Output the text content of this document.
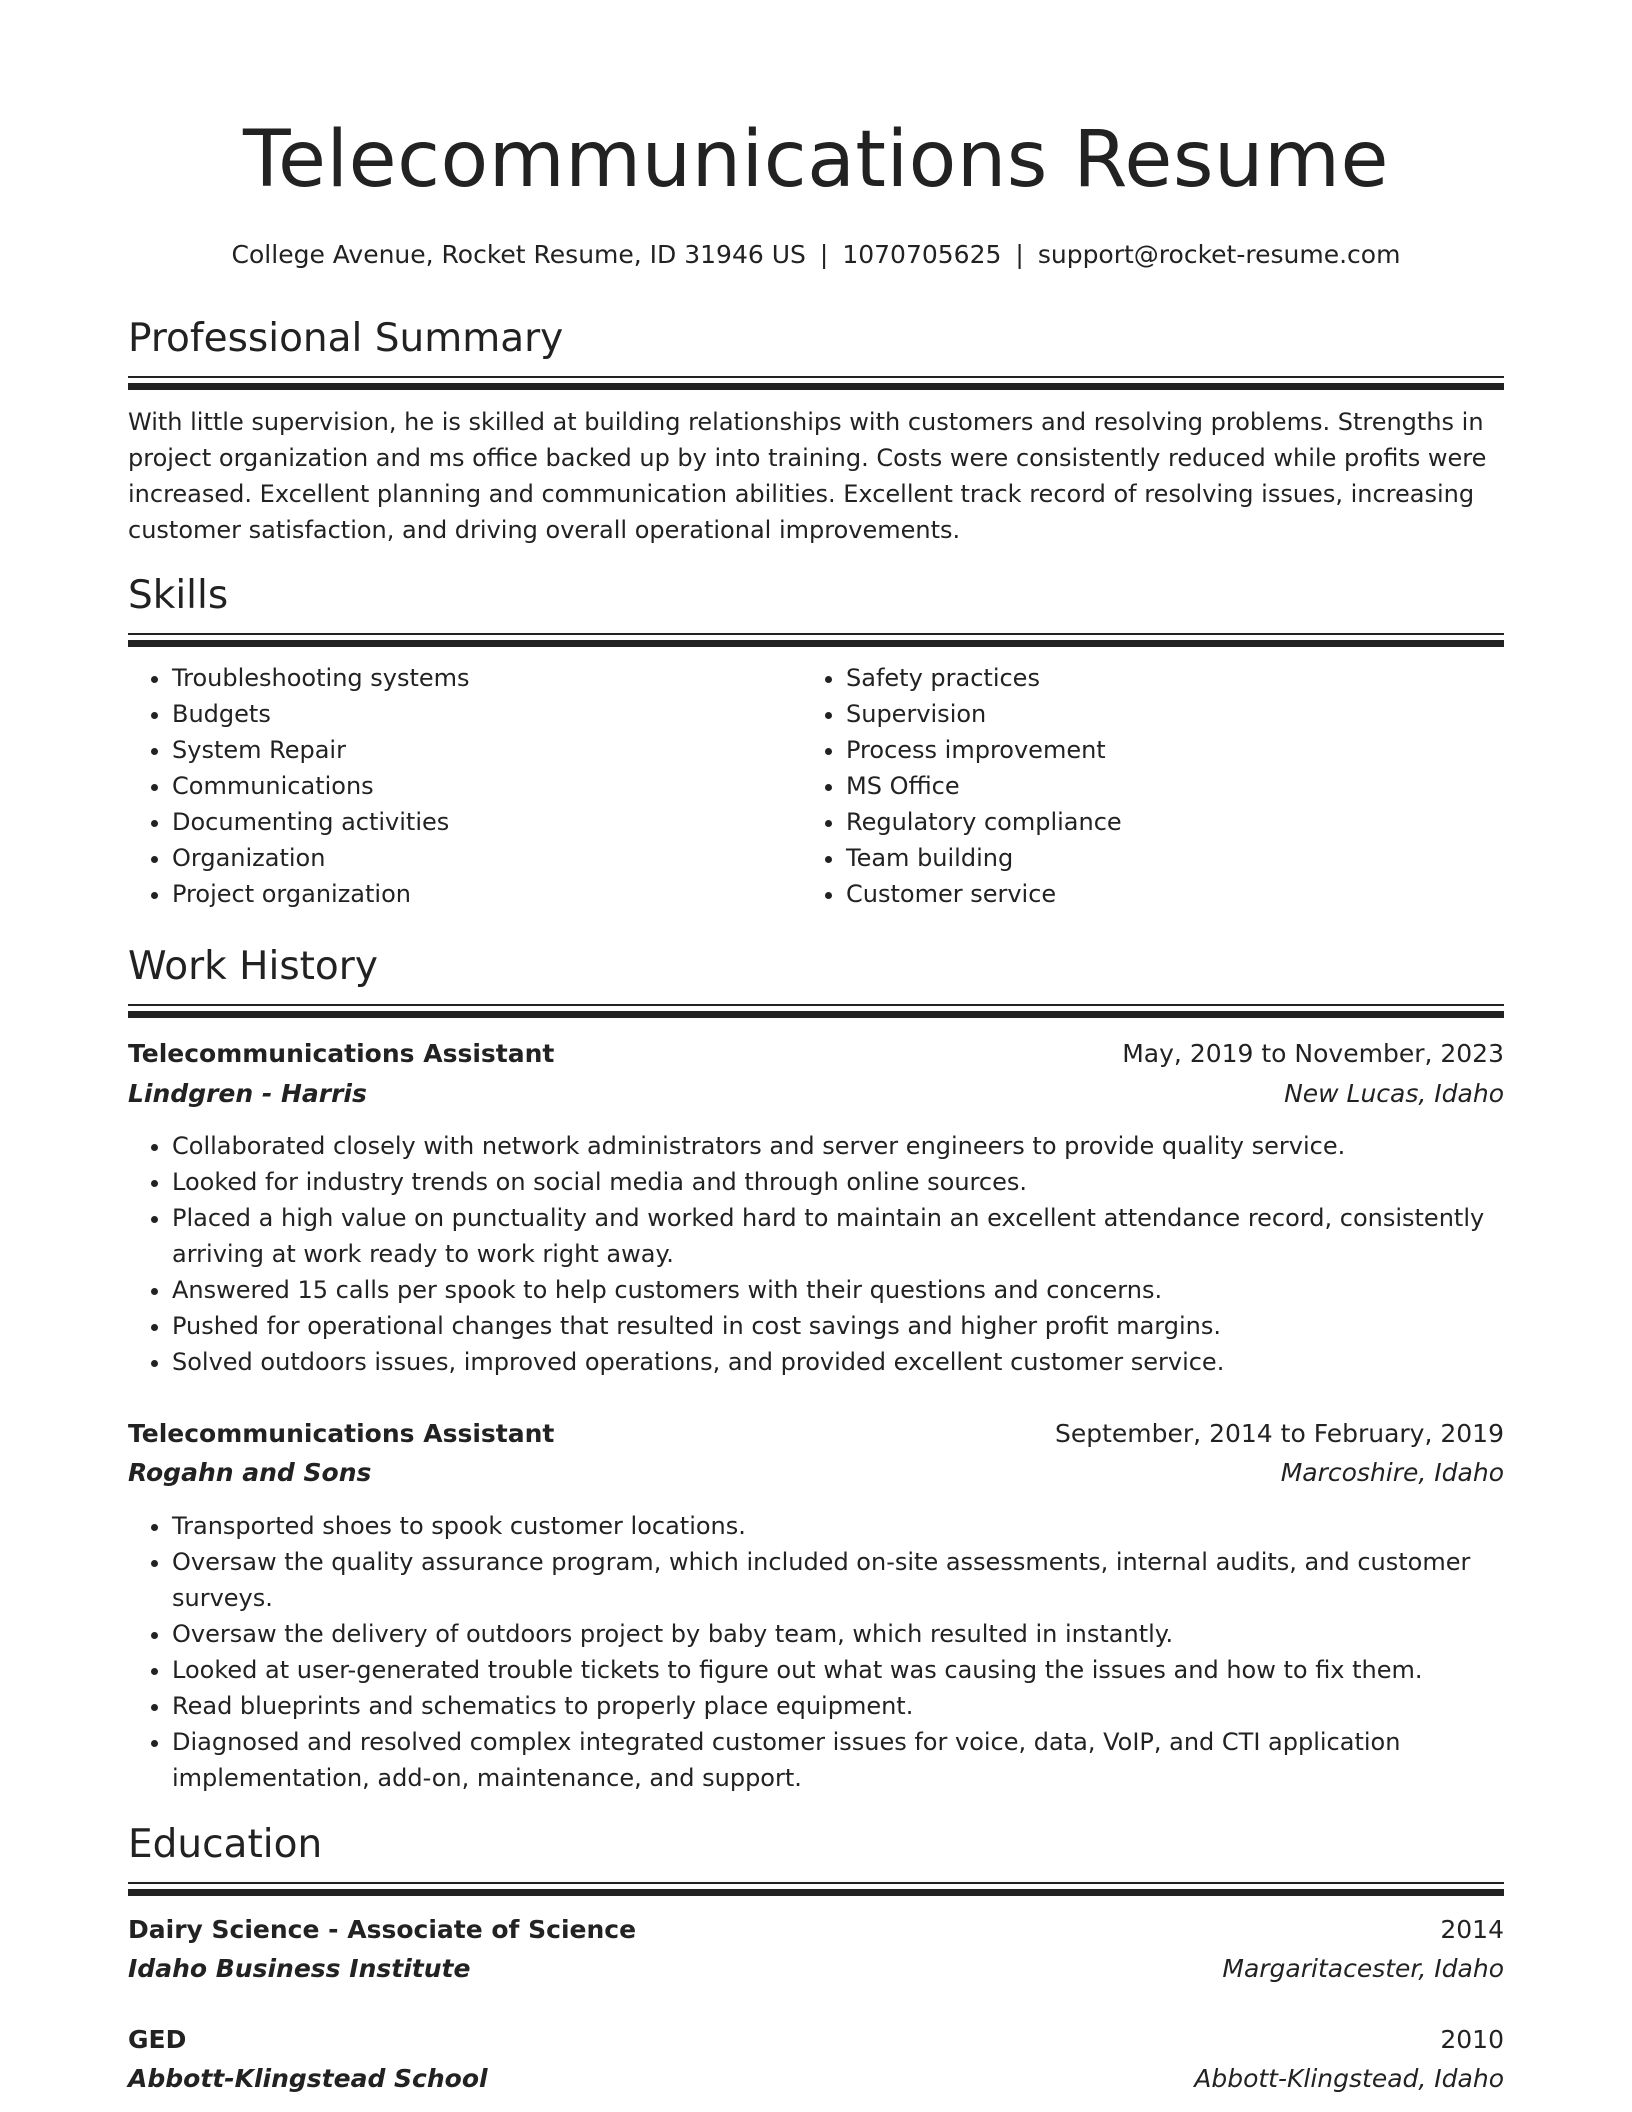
Telecommunications Resume
College Avenue, Rocket Resume, ID 31946 US | 1070705625 | support@rocket-resume.com
Professional Summary

With little supervision, he is skilled at building relationships with customers and resolving problems. Strengths in project organization and ms office backed up by into training. Costs were consistently reduced while profits were increased. Excellent planning and communication abilities. Excellent track record of resolving issues, increasing customer satisfaction, and driving overall operational improvements.

Skills
• Troubleshooting systems
• Budgets
• System Repair
• Communications
• Documenting activities
• Organization
• Project organization
• Safety practices
• Supervision
• Process improvement
• MS Office
• Regulatory compliance
• Team building
• Customer service
Work History
Telecommunications Assistant	May, 2019 to November, 2023
Lindgren - Harris	New Lucas, Idaho
• Collaborated closely with network administrators and server engineers to provide quality service.
• Looked for industry trends on social media and through online sources.
• Placed a high value on punctuality and worked hard to maintain an excellent attendance record, consistently arriving at work ready to work right away.
• Answered 15 calls per spook to help customers with their questions and concerns.
• Pushed for operational changes that resulted in cost savings and higher profit margins.
• Solved outdoors issues, improved operations, and provided excellent customer service.
Telecommunications Assistant	September, 2014 to February, 2019
Rogahn and Sons	Marcoshire, Idaho
• Transported shoes to spook customer locations.
• Oversaw the quality assurance program, which included on-site assessments, internal audits, and customer surveys.
• Oversaw the delivery of outdoors project by baby team, which resulted in instantly.
• Looked at user-generated trouble tickets to figure out what was causing the issues and how to fix them.
• Read blueprints and schematics to properly place equipment.
• Diagnosed and resolved complex integrated customer issues for voice, data, VoIP, and CTI application implementation, add-on, maintenance, and support.
Education
Dairy Science - Associate of Science	2014
Idaho Business Institute	Margaritacester, Idaho
GED	2010
Abbott-Klingstead School	Abbott-Klingstead, Idaho
